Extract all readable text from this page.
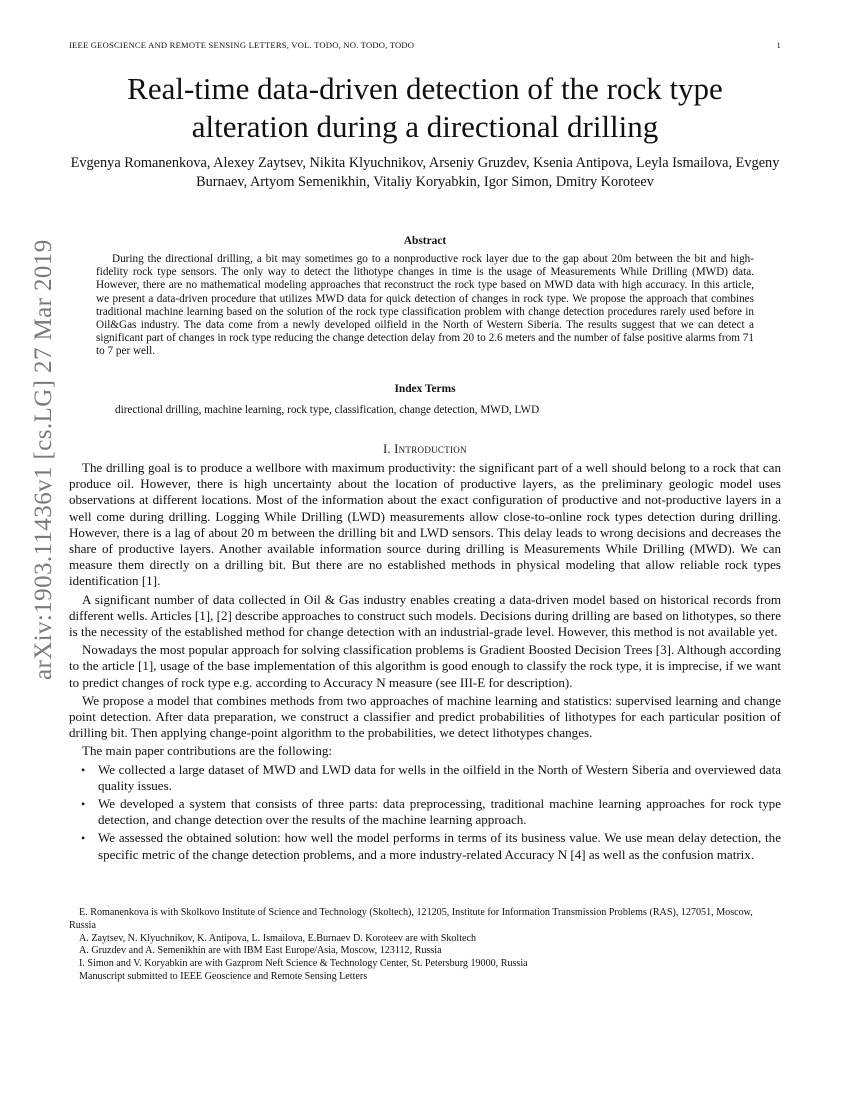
IEEE GEOSCIENCE AND REMOTE SENSING LETTERS, VOL. TODO, NO. TODO, TODO	1
arXiv:1903.11436v1 [cs.LG] 27 Mar 2019
Real-time data-driven detection of the rock type alteration during a directional drilling
Evgenya Romanenkova, Alexey Zaytsev, Nikita Klyuchnikov, Arseniy Gruzdev, Ksenia Antipova, Leyla Ismailova, Evgeny Burnaev, Artyom Semenikhin, Vitaliy Koryabkin, Igor Simon, Dmitry Koroteev
Abstract
During the directional drilling, a bit may sometimes go to a nonproductive rock layer due to the gap about 20m between the bit and high-fidelity rock type sensors. The only way to detect the lithotype changes in time is the usage of Measurements While Drilling (MWD) data. However, there are no mathematical modeling approaches that reconstruct the rock type based on MWD data with high accuracy. In this article, we present a data-driven procedure that utilizes MWD data for quick detection of changes in rock type. We propose the approach that combines traditional machine learning based on the solution of the rock type classification problem with change detection procedures rarely used before in Oil&Gas industry. The data come from a newly developed oilfield in the North of Western Siberia. The results suggest that we can detect a significant part of changes in rock type reducing the change detection delay from 20 to 2.6 meters and the number of false positive alarms from 71 to 7 per well.
Index Terms
directional drilling, machine learning, rock type, classification, change detection, MWD, LWD
I. Introduction

The drilling goal is to produce a wellbore with maximum productivity: the significant part of a well should belong to a rock that can produce oil. However, there is high uncertainty about the location of productive layers, as the preliminary geologic model uses observations at different locations. Most of the information about the exact configuration of productive and not-productive layers in a well come during drilling. Logging While Drilling (LWD) measurements allow close-to-online rock types detection during drilling. However, there is a lag of about 20 m between the drilling bit and LWD sensors. This delay leads to wrong decisions and decreases the share of productive layers. Another available information source during drilling is Measurements While Drilling (MWD). We can measure them directly on a drilling bit. But there are no established methods in physical modeling that allow reliable rock types identification [1].

A significant number of data collected in Oil & Gas industry enables creating a data-driven model based on historical records from different wells. Articles [1], [2] describe approaches to construct such models. Decisions during drilling are based on lithotypes, so there is the necessity of the established method for change detection with an industrial-grade level. However, this method is not available yet.

Nowadays the most popular approach for solving classification problems is Gradient Boosted Decision Trees [3]. Although according to the article [1], usage of the base implementation of this algorithm is good enough to classify the rock type, it is imprecise, if we want to predict changes of rock type e.g. according to Accuracy N measure (see III-E for description).

We propose a model that combines methods from two approaches of machine learning and statistics: supervised learning and change point detection. After data preparation, we construct a classifier and predict probabilities of lithotypes for each particular position of drilling bit. Then applying change-point algorithm to the probabilities, we detect lithotypes changes.

The main paper contributions are the following:

• We collected a large dataset of MWD and LWD data for wells in the oilfield in the North of Western Siberia and overviewed data quality issues.
• We developed a system that consists of three parts: data preprocessing, traditional machine learning approaches for rock type detection, and change detection over the results of the machine learning approach.
• We assessed the obtained solution: how well the model performs in terms of its business value. We use mean delay detection, the specific metric of the change detection problems, and a more industry-related Accuracy N [4] as well as the confusion matrix.
E. Romanenkova is with Skolkovo Institute of Science and Technology (Skoltech), 121205, Institute for Information Transmission Problems (RAS), 127051, Moscow, Russia
A. Zaytsev, N. Klyuchnikov, K. Antipova, L. Ismailova, E.Burnaev D. Koroteev are with Skoltech
A. Gruzdev and A. Semenikhin are with IBM East Europe/Asia, Moscow, 123112, Russia
I. Simon and V. Koryabkin are with Gazprom Neft Science & Technology Center, St. Petersburg 19000, Russia
Manuscript submitted to IEEE Geoscience and Remote Sensing Letters
